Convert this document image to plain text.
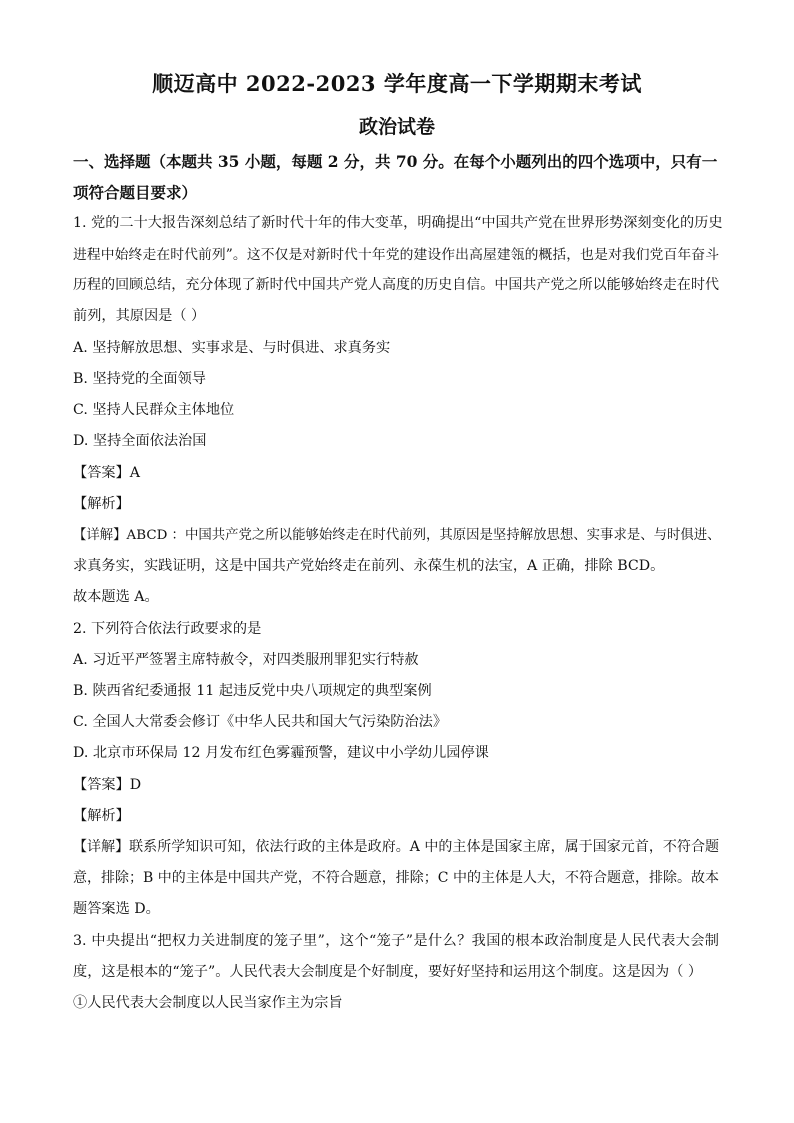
顺迈高中 2022-2023 学年度高一下学期期末考试
政治试卷
一、选择题（本题共 35 小题，每题 2 分，共 70 分。在每个小题列出的四个选项中，只有一
项符合题目要求）
1. 党的二十大报告深刻总结了新时代十年的伟大变革，明确提出“中国共产党在世界形势深刻变化的历史
进程中始终走在时代前列”。这不仅是对新时代十年党的建设作出高屋建瓴的概括，也是对我们党百年奋斗
历程的回顾总结，充分体现了新时代中国共产党人高度的历史自信。中国共产党之所以能够始终走在时代
前列，其原因是（ ）
A. 坚持解放思想、实事求是、与时俱进、求真务实
B. 坚持党的全面领导
C. 坚持人民群众主体地位
D. 坚持全面依法治国
【答案】A
【解析】
【详解】ABCD ：中国共产党之所以能够始终走在时代前列，其原因是坚持解放思想、实事求是、与时俱进、
求真务实，实践证明，这是中国共产党始终走在前列、永葆生机的法宝，A 正确，排除 BCD。
故本题选 A。
2. 下列符合依法行政要求的是
A. 习近平严签署主席特赦令，对四类服刑罪犯实行特赦
B. 陕西省纪委通报 11 起违反党中央八项规定的典型案例
C. 全国人大常委会修订《中华人民共和国大气污染防治法》
D. 北京市环保局 12 月发布红色雾霾预警，建议中小学幼儿园停课
【答案】D
【解析】
【详解】联系所学知识可知，依法行政的主体是政府。A 中的主体是国家主席，属于国家元首，不符合题
意，排除；B 中的主体是中国共产党，不符合题意，排除；C 中的主体是人大，不符合题意，排除。故本
题答案选 D。
3. 中央提出“把权力关进制度的笼子里”，这个“笼子”是什么？我国的根本政治制度是人民代表大会制
度，这是根本的“笼子”。人民代表大会制度是个好制度，要好好坚持和运用这个制度。这是因为（ ）
①人民代表大会制度以人民当家作主为宗旨
